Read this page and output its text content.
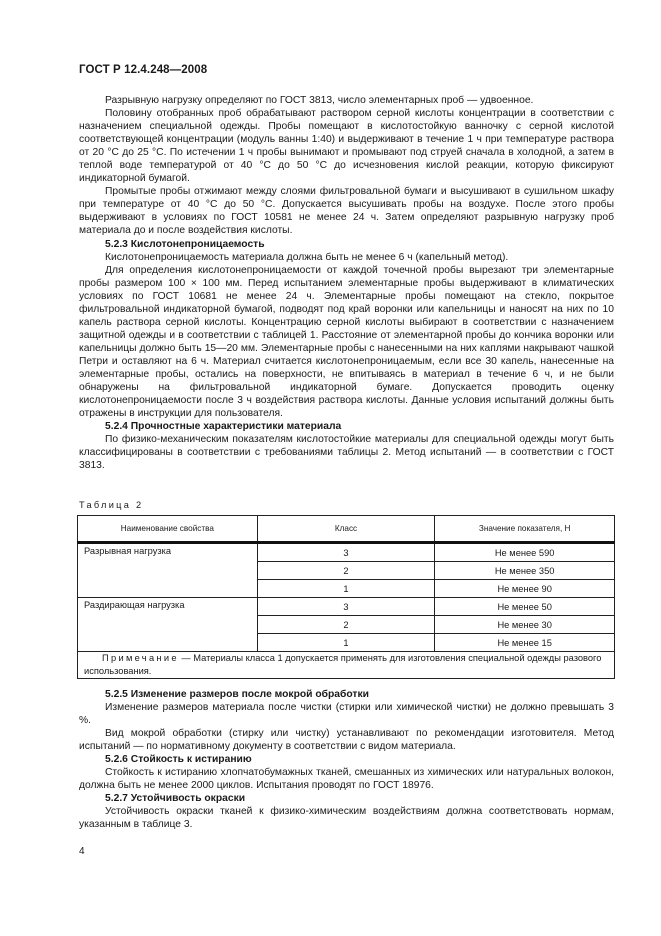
ГОСТ Р 12.4.248—2008

Разрывную нагрузку определяют по ГОСТ 3813, число элементарных проб — удвоенное.

Половину отобранных проб обрабатывают раствором серной кислоты концентрации в соответствии с назначением специальной одежды. Пробы помещают в кислотостойкую ванночку с серной кислотой соответствующей концентрации (модуль ванны 1:40) и выдерживают в течение 1 ч при температуре раствора от 20 °C до 25 °C. По истечении 1 ч пробы вынимают и промывают под струей сначала в холодной, а затем в теплой воде температурой от 40 °C до 50 °C до исчезновения кислой реакции, которую фиксируют индикаторной бумагой.

Промытые пробы отжимают между слоями фильтровальной бумаги и высушивают в сушильном шкафу при температуре от 40 °C до 50 °C. Допускается высушивать пробы на воздухе. После этого пробы выдерживают в условиях по ГОСТ 10581 не менее 24 ч. Затем определяют разрывную нагрузку проб материала до и после воздействия кислоты.

5.2.3 Кислотонепроницаемость

Кислотонепроницаемость материала должна быть не менее 6 ч (капельный метод).

Для определения кислотонепроницаемости от каждой точечной пробы вырезают три элементарные пробы размером 100 × 100 мм. Перед испытанием элементарные пробы выдерживают в климатических условиях по ГОСТ 10681 не менее 24 ч. Элементарные пробы помещают на стекло, покрытое фильтровальной индикаторной бумагой, подводят под край воронки или капельницы и наносят на них по 10 капель раствора серной кислоты. Концентрацию серной кислоты выбирают в соответствии с назначением защитной одежды и в соответствии с таблицей 1. Расстояние от элементарной пробы до кончика воронки или капельницы должно быть 15—20 мм. Элементарные пробы с нанесенными на них каплями накрывают чашкой Петри и оставляют на 6 ч. Материал считается кислотонепроницаемым, если все 30 капель, нанесенные на элементарные пробы, остались на поверхности, не впитываясь в материал в течение 6 ч, и не были обнаружены на фильтровальной индикаторной бумаге. Допускается проводить оценку кислотонепроницаемости после 3 ч воздействия раствора кислоты. Данные условия испытаний должны быть отражены в инструкции для пользователя.

5.2.4 Прочностные характеристики материала

По физико-механическим показателям кислотостойкие материалы для специальной одежды могут быть классифицированы в соответствии с требованиями таблицы 2. Метод испытаний — в соответствии с ГОСТ 3813.

Таблица 2
Наименование свойства	Класс	Значение показателя, Н
Разрывная нагрузка	3	Не менее 590
	2	Не менее 350
	1	Не менее 90
Раздирающая нагрузка	3	Не менее 50
	2	Не менее 30
	1	Не менее 15
Примечание — Материалы класса 1 допускается применять для изготовления специальной одежды разового использования.		

5.2.5 Изменение размеров после мокрой обработки

Изменение размеров материала после чистки (стирки или химической чистки) не должно превышать 3 %.

Вид мокрой обработки (стирку или чистку) устанавливают по рекомендации изготовителя. Метод испытаний — по нормативному документу в соответствии с видом материала.

5.2.6 Стойкость к истиранию

Стойкость к истиранию хлопчатобумажных тканей, смешанных из химических или натуральных волокон, должна быть не менее 2000 циклов. Испытания проводят по ГОСТ 18976.

5.2.7 Устойчивость окраски

Устойчивость окраски тканей к физико-химическим воздействиям должна соответствовать нормам, указанным в таблице 3.

4
